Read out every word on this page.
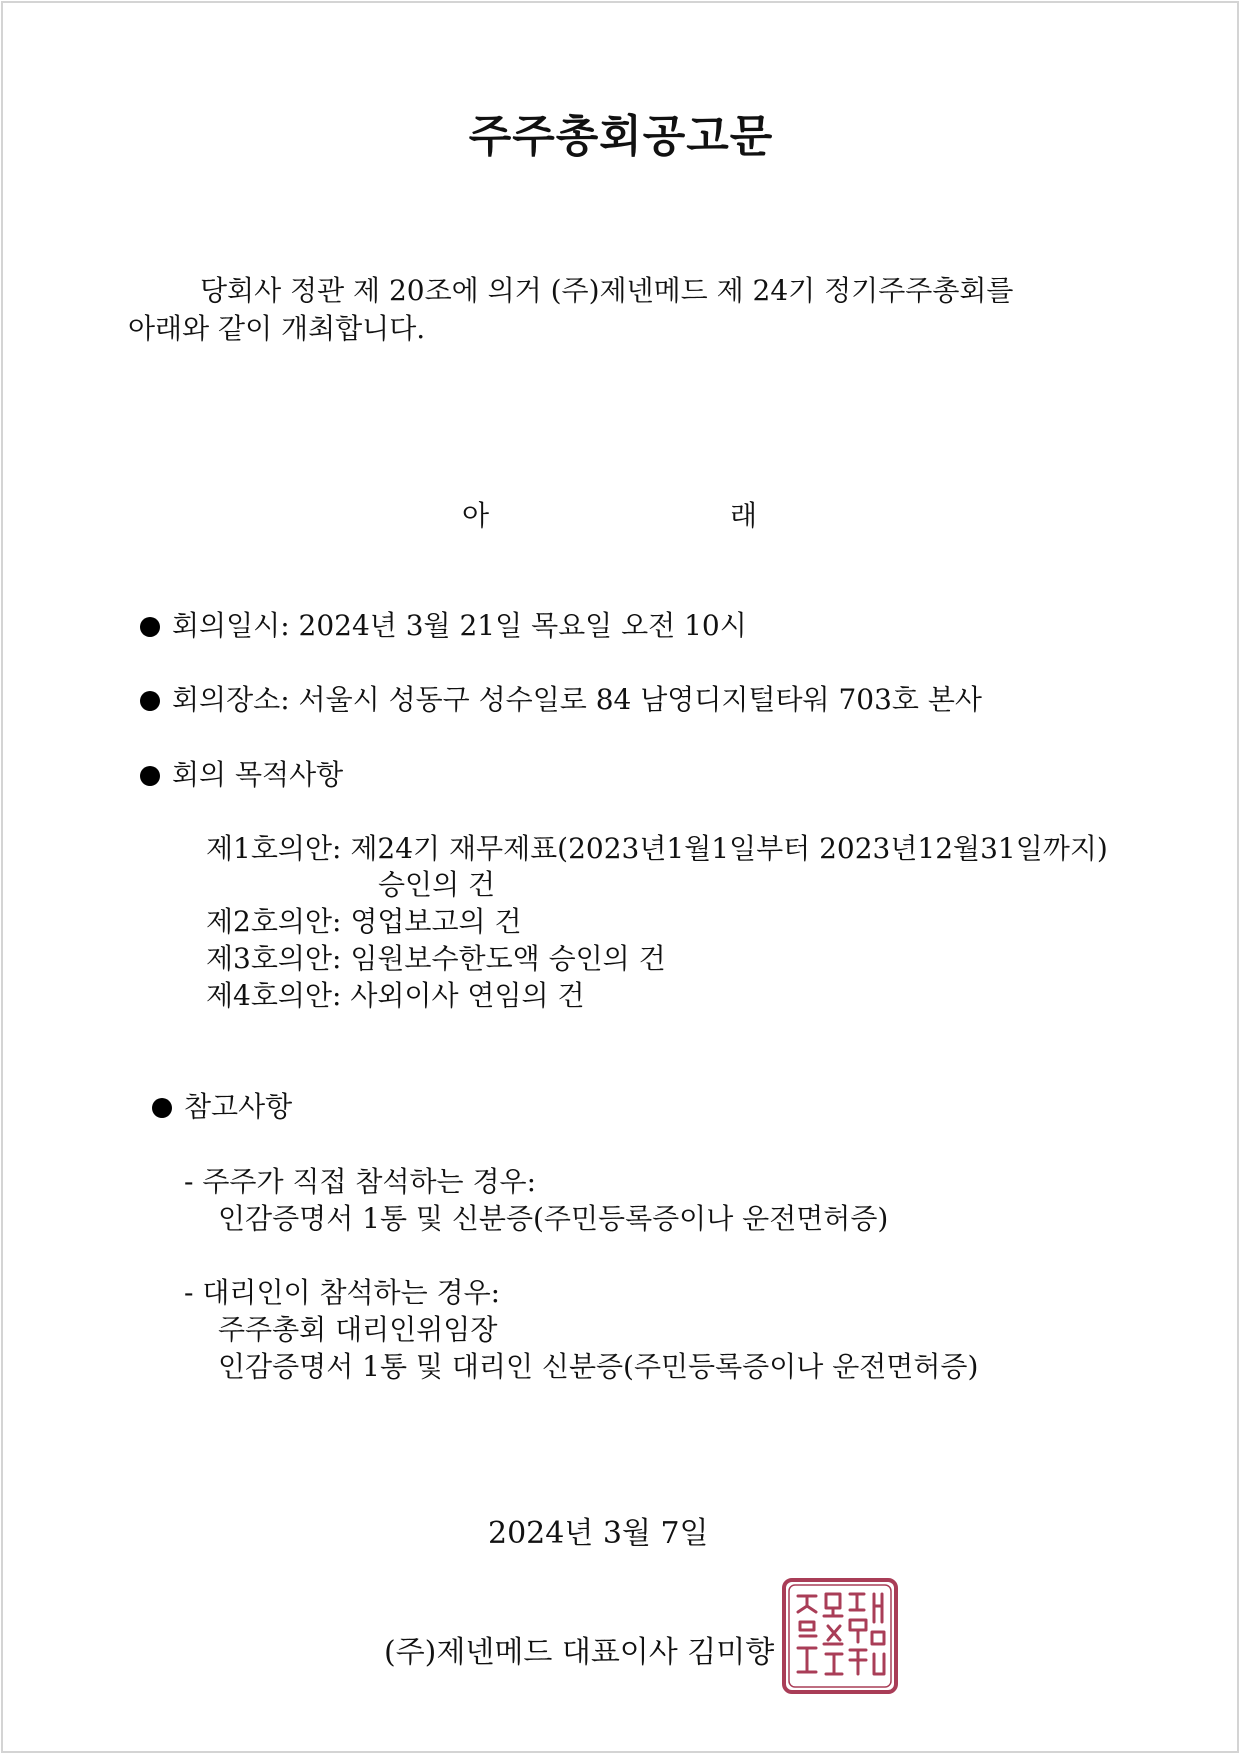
주주총회공고문
당회사 정관 제 20조에 의거 (주)제넨메드 제 24기 정기주주총회를
아래와 같이 개최합니다.
아	래
회의일시: 2024년 3월 21일 목요일 오전 10시
회의장소: 서울시 성동구 성수일로 84 남영디지털타워 703호 본사
회의 목적사항
제1호의안: 제24기 재무제표(2023년1월1일부터 2023년12월31일까지)
승인의 건
제2호의안: 영업보고의 건
제3호의안: 임원보수한도액 승인의 건
제4호의안: 사외이사 연임의 건
참고사항
- 주주가 직접 참석하는 경우:
인감증명서 1통 및 신분증(주민등록증이나 운전면허증)
- 대리인이 참석하는 경우:
주주총회 대리인위임장
인감증명서 1통 및 대리인 신분증(주민등록증이나 운전면허증)
2024년 3월 7일
(주)제넨메드 대표이사 김미향
